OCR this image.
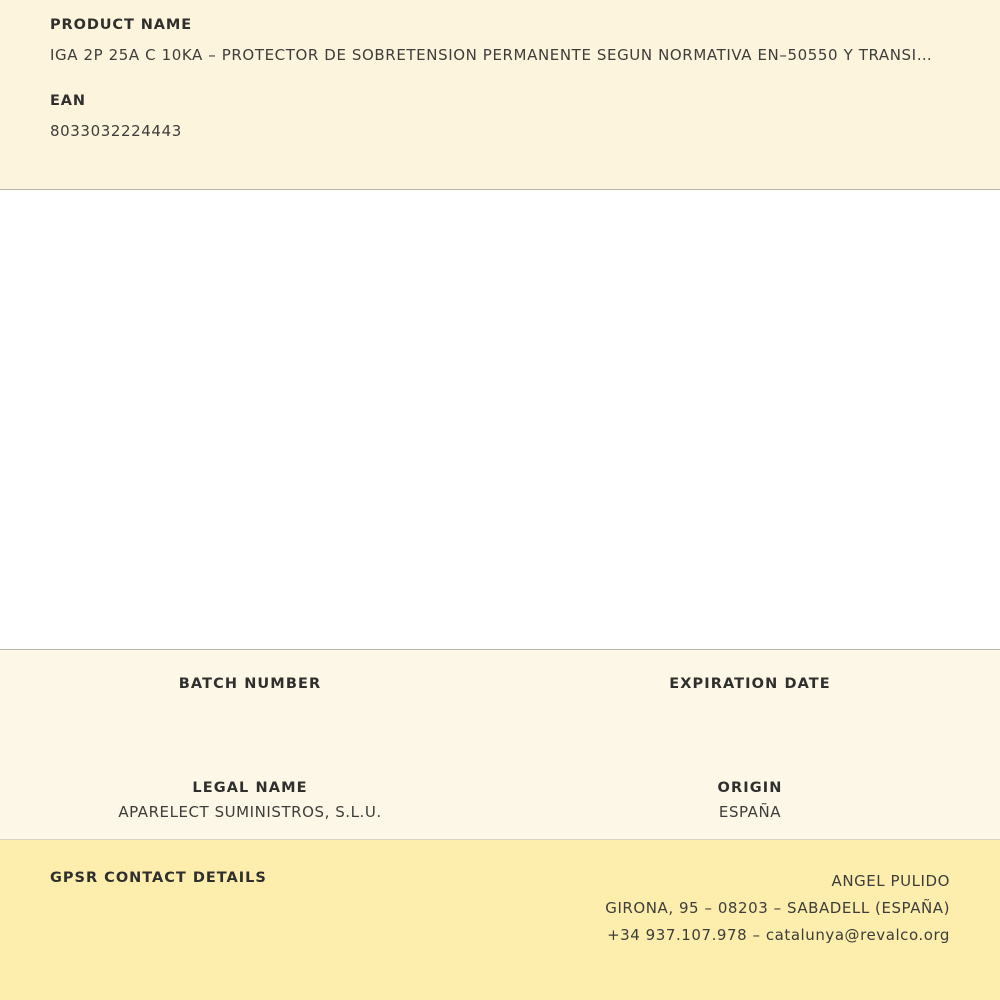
PRODUCT NAME

IGA 2P 25A C 10KA – PROTECTOR DE SOBRETENSION PERMANENTE SEGUN NORMATIVA EN–50550 Y TRANSI…

EAN

8033032224443

BATCH NUMBER	EXPIRATION DATE

LEGAL NAME

APARELECT SUMINISTROS, S.L.U.

ORIGIN

ESPAÑA

GPSR CONTACT DETAILS	ANGEL PULIDO

GIRONA, 95 – 08203 – SABADELL (ESPAÑA)

+34 937.107.978 – catalunya@revalco.org
